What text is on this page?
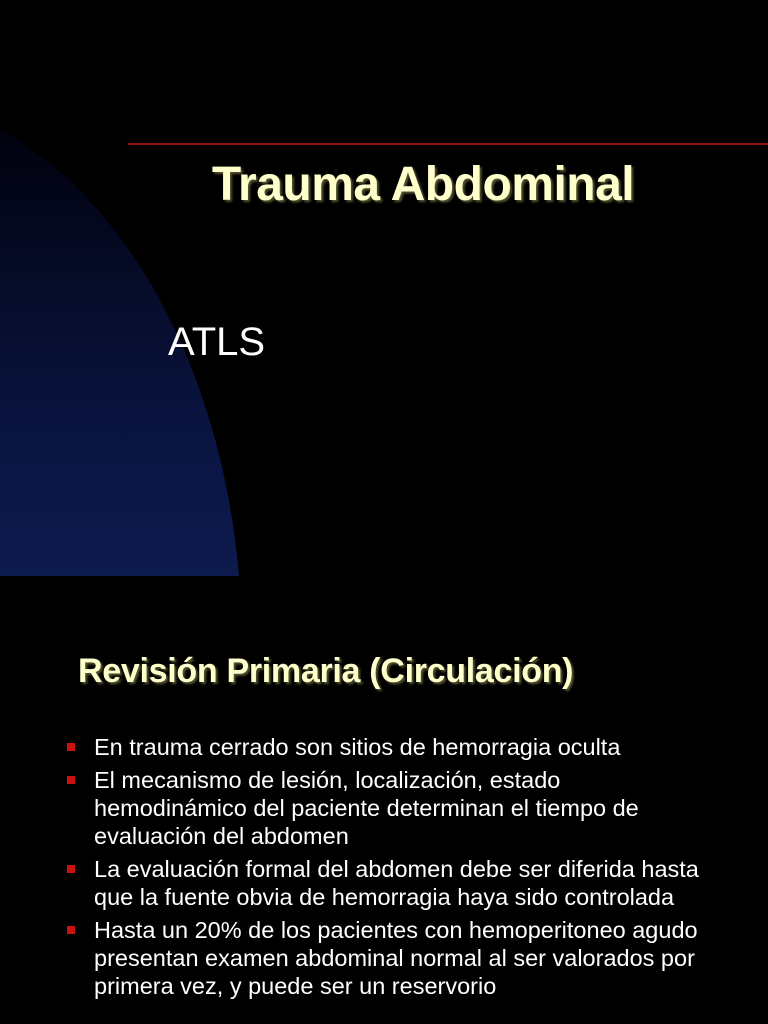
Trauma Abdominal

ATLS

Revisión Primaria (Circulación)
En trauma cerrado son sitios de hemorragia oculta
El mecanismo de lesión, localización, estado hemodinámico del paciente determinan el tiempo de evaluación del abdomen
La evaluación formal del abdomen debe ser diferida hasta que la fuente obvia de hemorragia haya sido controlada
Hasta un 20% de los pacientes con hemoperitoneo agudo presentan examen abdominal normal al ser valorados por primera vez, y puede ser un reservorio
